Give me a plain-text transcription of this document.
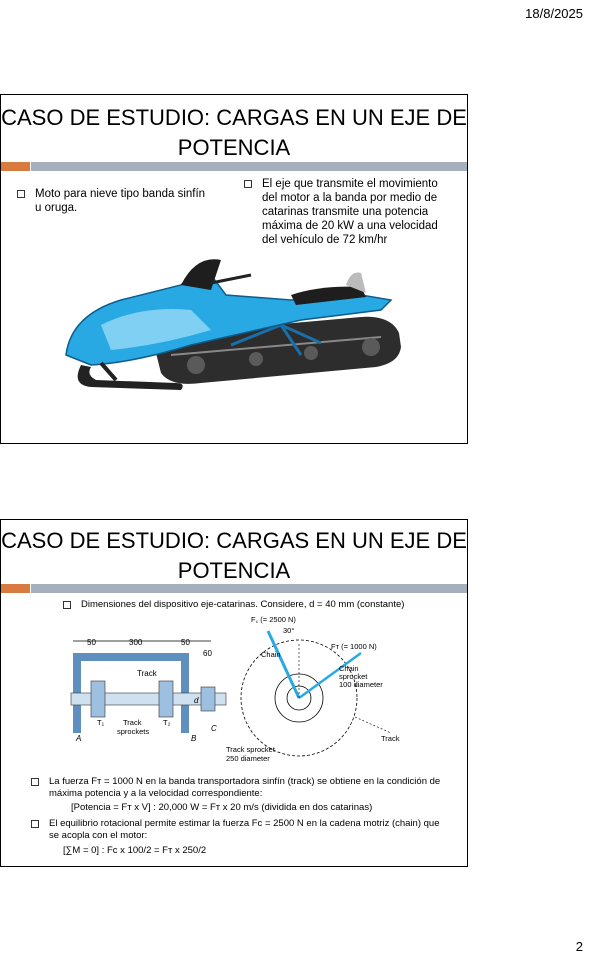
18/8/2025
CASO DE ESTUDIO: CARGAS EN UN EJE DE POTENCIA
Moto para nieve tipo banda sinfín u oruga.
El eje que transmite el movimiento del motor a la banda por medio de catarinas transmite una potencia máxima de 20 kW a una velocidad del vehículo de 72 km/hr
CASO DE ESTUDIO: CARGAS EN UN EJE DE POTENCIA
Dimensiones del dispositivo eje-catarinas. Considere, d = 40 mm (constante)
50	300	50
60
Track
T₁	T₂
Track
sprockets
d
A	B
C
F꜀ (= 2500 N)
30°
Chain
Fт (= 1000 N)
Chain
sprocket
100 diameter
Track
Track sprocket
250 diameter
La fuerza Fт = 1000 N en la banda transportadora sinfín (track) se obtiene en la condición de máxima potencia y a la velocidad correspondiente:
[Potencia = Fт x V] : 20,000 W = Fт x 20 m/s (dividida en dos catarinas)
El equilibrio rotacional permite estimar la fuerza Fc = 2500 N en la cadena motriz (chain) que se acopla con el motor:
[∑M = 0] : Fc x 100/2 = Fт x 250/2
2
